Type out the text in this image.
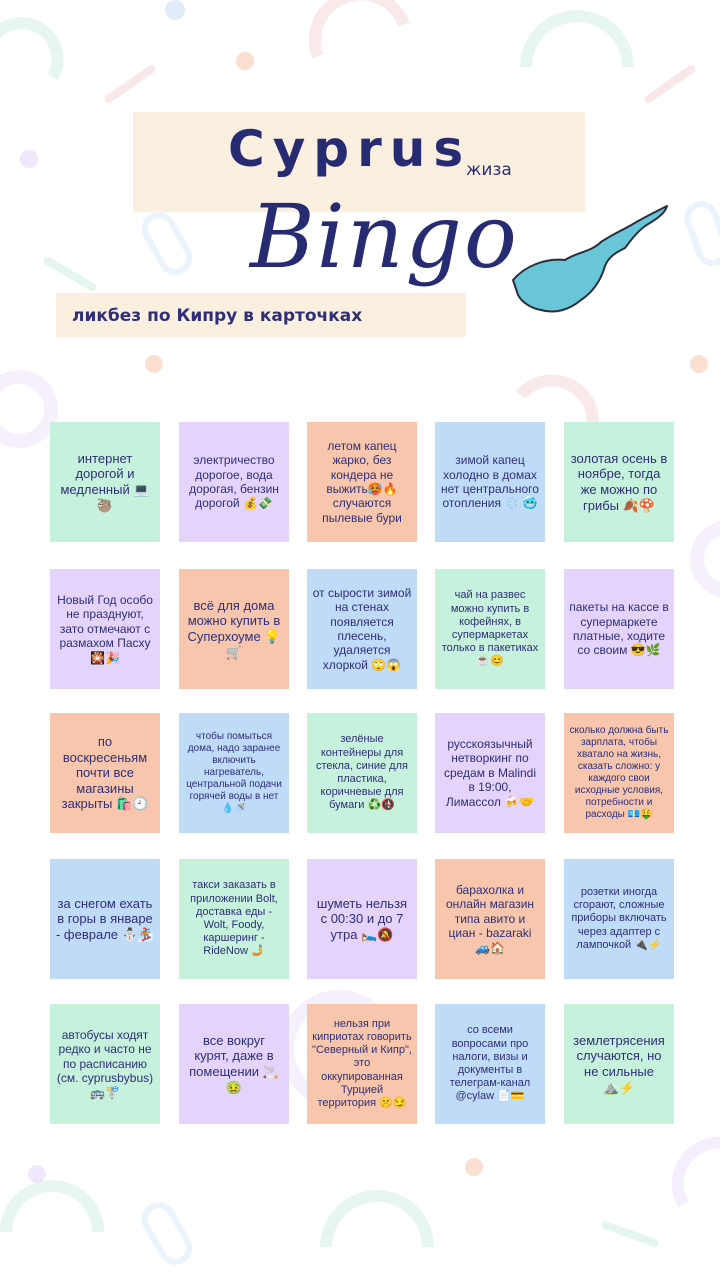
Cyprus
жиза
Bingo
ликбез по Кипру в карточках
интернет дорогой и медленный 💻🦥
электричество дорогое, вода дорогая, бензин дорогой 💰💸
летом капец жарко, без кондера не выжить🥵🔥 случаются пылевые бури
зимой капец холодно в домах нет центрального отопления ❄️ 🥶
золотая осень в ноябре, тогда же можно по грибы 🍂🍄
Новый Год особо не празднуют, зато отмечают с размахом Пасху 🎇🎉
всё для дома можно купить в Суперхоуме 💡🛒
от сырости зимой на стенах появляется плесень, удаляется хлоркой 🙄😱
чай на развес можно купить в кофейнях, в супермаркетах только в пакетиках ☕😊
пакеты на кассе в супермаркете платные, ходите со своим 😎🌿
по воскресеньям почти все магазины закрыты 🛍️🕘
чтобы помыться дома, надо заранее включить нагреватель, центральной подачи горячей воды в нет 💧🚿
зелёные контейнеры для стекла, синие для пластика, коричневые для бумаги ♻️🚯
русскоязычный нетворкинг по средам в Malindi в 19:00, Лимассол 🍻🤝
сколько должна быть зарплата, чтобы хватало на жизнь, сказать сложно: у каждого свои исходные условия, потребности и расходы 💶🤑
за снегом ехать в горы в январе - феврале ⛄🏂
такси заказать в приложении Bolt, доставка еды - Wolt, Foody, каршеринг - RideNow 🤳
шуметь нельзя с 00:30 и до 7 утра 🛌🔕
барахолка и онлайн магазин типа авито и циан - bazaraki 🚙🏠
розетки иногда сгорают, сложные приборы включать через адаптер с лампочкой 🔌⚡
автобусы ходят редко и часто не по расписанию (см. cyprusbybus) 🚌🚏
все вокруг курят, даже в помещении 🚬🤢
нельзя при киприотах говорить "Северный и Кипр", это оккупированная Турцией территория 🤫😏
со всеми вопросами про налоги, визы и документы в телеграм-канал @cylaw 📄💳
землетрясения случаются, но не сильные ⛰️⚡
